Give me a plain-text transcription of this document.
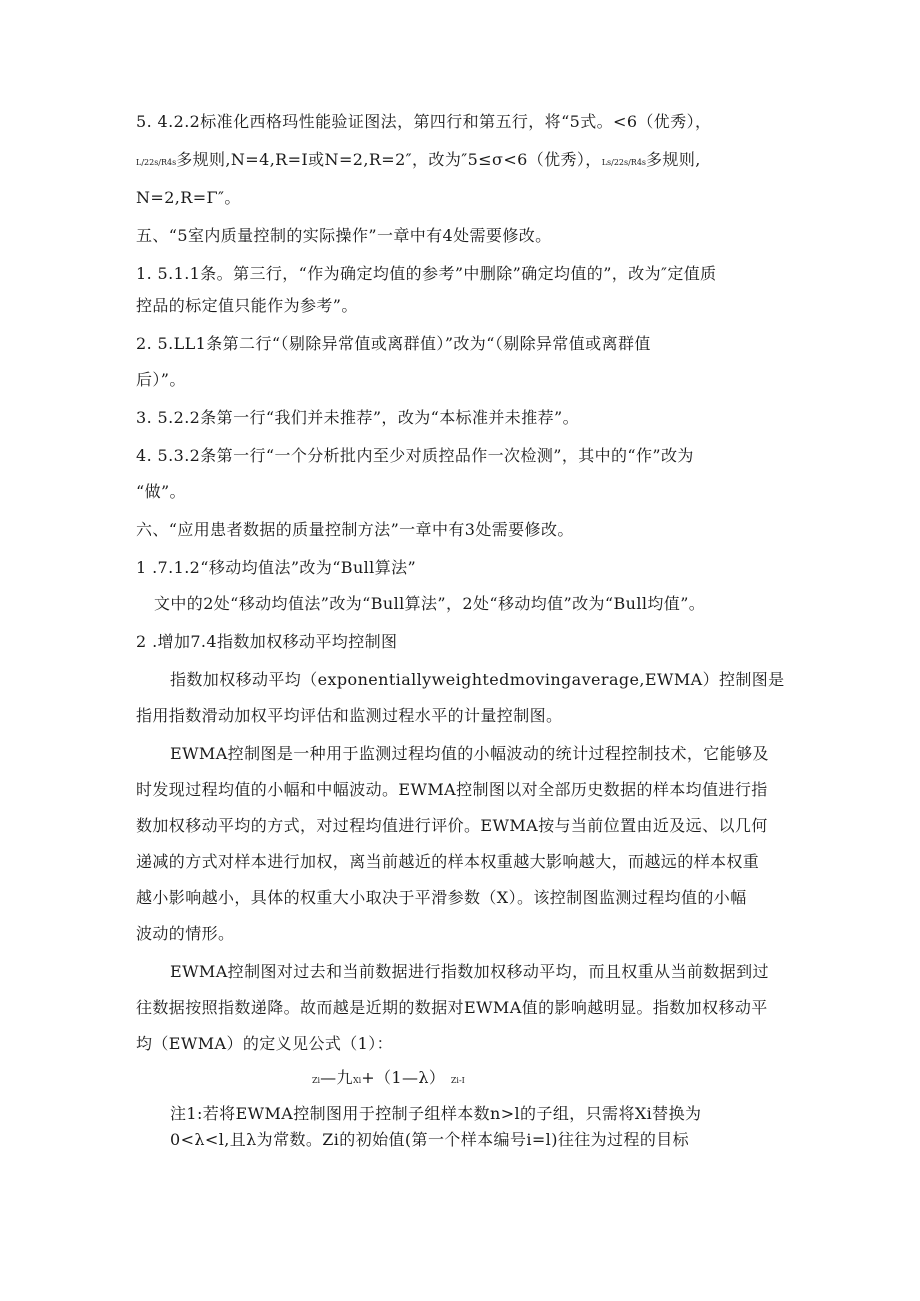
5. 4.2.2标准化西格玛性能验证图法，第四行和第五行，将“5式。<6（优秀），
L/22s/R4s多规则,N=4,R=I或N=2,R=2″，改为″5≤σ<6（优秀），Ls/22s/R4s多规则,
N=2,R=Γ″。
五、“5室内质量控制的实际操作”一章中有4处需要修改。
1. 5.1.1条。第三行，“作为确定均值的参考”中删除”确定均值的”，改为″定值质
控品的标定值只能作为参考”。
2. 5.LL1条第二行“（剔除异常值或离群值）”改为“（剔除异常值或离群值
后）”。
3. 5.2.2条第一行“我们并未推荐”，改为“本标准并未推荐”。
4. 5.3.2条第一行“一个分析批内至少对质控品作一次检测”，其中的“作”改为
“做”。
六、“应用患者数据的质量控制方法”一章中有3处需要修改。
1 .7.1.2“移动均值法”改为“Bull算法”
文中的2处“移动均值法”改为“Bull算法”，2处“移动均值”改为“Bull均值”。
2 .增加7.4指数加权移动平均控制图
指数加权移动平均（exponentiallyweightedmovingaverage,EWMA）控制图是
指用指数滑动加权平均评估和监测过程水平的计量控制图。
EWMA控制图是一种用于监测过程均值的小幅波动的统计过程控制技术，它能够及
时发现过程均值的小幅和中幅波动。EWMA控制图以对全部历史数据的样本均值进行指
数加权移动平均的方式，对过程均值进行评价。EWMA按与当前位置由近及远、以几何
递减的方式对样本进行加权，离当前越近的样本权重越大影响越大，而越远的样本权重
越小影响越小，具体的权重大小取决于平滑参数（X）。该控制图监测过程均值的小幅
波动的情形。
EWMA控制图对过去和当前数据进行指数加权移动平均，而且权重从当前数据到过
往数据按照指数递降。故而越是近期的数据对EWMA值的影响越明显。指数加权移动平
均（EWMA）的定义见公式（1）：
Zi—九Xi+（1—λ） Zi-I
注1:若将EWMA控制图用于控制子组样本数n>l的子组，只需将Xi替换为
0<λ<l,且λ为常数。Zi的初始值(第一个样本编号i=l)往往为过程的目标
